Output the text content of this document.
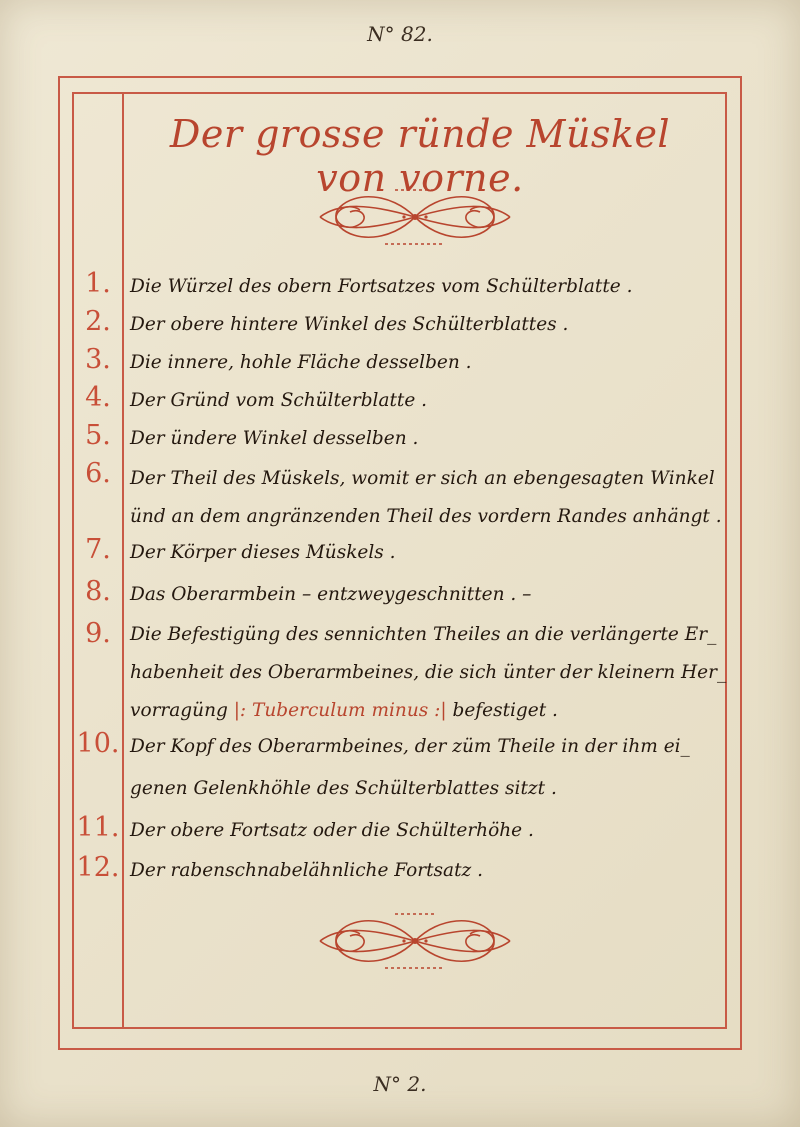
N° 82.
Der grosse ründe Müskel von vorne.
1.	Die Würzel des obern Fortsatzes vom Schülterblatte .
2.	Der obere hintere Winkel des Schülterblattes .
3.	Die innere, hohle Fläche desselben .
4.	Der Gründ vom Schülterblatte .
5.	Der ündere Winkel desselben .
6.	Der Theil des Müskels, womit er sich an ebengesagten Winkel
ünd an dem angränzenden Theil des vordern Randes anhängt .
7.	Der Körper dieses Müskels .
8.	Das Oberarmbein – entzweygeschnitten . –
9.	Die Befestigüng des sennichten Theiles an die verlängerte Er_
habenheit des Oberarmbeines, die sich ünter der kleinern Her_
vorragüng |: Tuberculum minus :| befestiget .
10. Der Kopf des Oberarmbeines, der züm Theile in der ihm ei_
genen Gelenkhöhle des Schülterblattes sitzt .
11. Der obere Fortsatz oder die Schülterhöhe .
12. Der rabenschnabelähnliche Fortsatz .
N° 2.
